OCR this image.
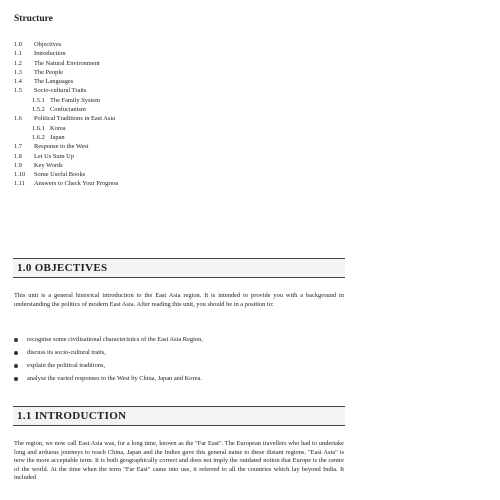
Structure
1.0	Objectives
1.1	Introduction
1.2	The Natural Environment
1.3	The People
1.4	The Languages
1.5	Socio-cultural Traits
1.5.1 The Family System
1.5.2 Confucianism
1.6	Political Traditions in East Asia
1.6.1 Korea
1.6.2 Japan
1.7	Response to the West
1.8	Let Us Sum Up
1.9	Key Words
1.10	Some Useful Books
1.11	Answers to Check Your Progress
1.0 OBJECTIVES
This unit is a general historical introduction to the East Asia region. It is intended to provide you with a background in understanding the politics of modern East Asia. After reading this unit, you should be in a position to:
recognise some civilisational characteristics of the East Asia Region,
discuss its socio-cultural traits,
explain the political traditions,
analyse the varied responses to the West by China, Japan and Korea.
1.1 INTRODUCTION
The region, we now call East Asia was, for a long time, known as the "Far East". The European travellers who had to undertake long and arduous journeys to reach China, Japan and the Indies gave this general name to these distant regions. "East Asia" is now the more acceptable term. It is both geographically correct and does not imply the outdated notion that Europe is the centre of the world. At the time when the term "Far East" came into use, it referred to all the countries which lay beyond India. It included
